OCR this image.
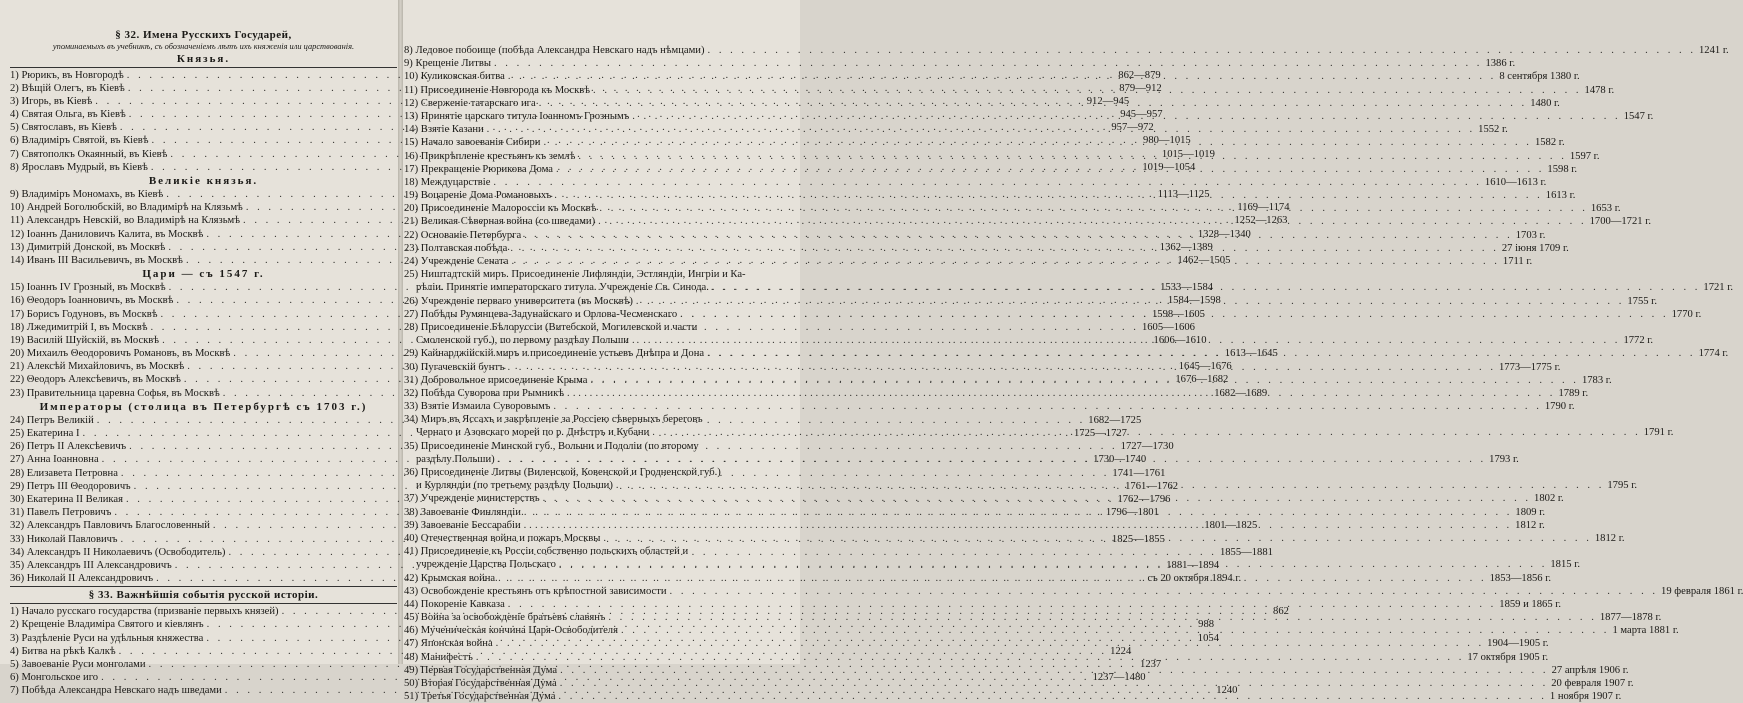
§ 32. Имена Русскихъ Государей,
упоминаемыхъ въ учебникѣ, съ обозначеніемъ лѣтъ ихъ княженія или царствованія.
Князья.
1) Рюрикъ, въ Новгородѣ . . .	862—879
2) Вѣщій Олегъ, въ Кіевѣ . . .	879—912
3) Игорь, въ Кіевѣ . . .	912—945
4) Святая Ольга, въ Кіевѣ . . .	945—957
5) Святославъ, въ Кіевѣ . . .	957—972
6) Владиміръ Святой, въ Кіевѣ . . .	980—1015
7) Святополкъ Окаянный, въ Кіевѣ . . .	1015—1019
8) Ярославъ Мудрый, въ Кіевѣ . . .	1019—1054
Великіе князья.
9) Владиміръ Мономахъ, въ Кіевѣ . . .	1113—1125
10) Андрей Боголюбскій, во Владимірѣ на Клязьмѣ . . .	1169—1174
11) Александръ Невскій, во Владимірѣ на Клязьмѣ . . .	1252—1263
12) Іоаннъ Даниловичъ Калита, въ Москвѣ . . .	1328—1340
13) Димитрій Донской, въ Москвѣ . . .	1362—1389
14) Иванъ III Васильевичъ, въ Москвѣ . . .	1462—1505
Цари — съ 1547 г.
15) Іоаннъ IV Грозный, въ Москвѣ . . .	1533—1584
16) Θеодоръ Іоанновичъ, въ Москвѣ . . .	1584—1598
17) Борисъ Годуновъ, въ Москвѣ . . .	1598—1605
18) Лжедимитрій I, въ Москвѣ . . .	1605—1606
19) Василій Шуйскій, въ Москвѣ . . .	1606—1610
20) Михаилъ Θеодоровичъ Романовъ, въ Москвѣ . . .	1613—1645
21) Алексѣй Михайловичъ, въ Москвѣ . . .	1645—1676
22) Θеодоръ Алексѣевичъ, въ Москвѣ . . .	1676—1682
23) Правительница царевна Софья, въ Москвѣ . . .	1682—1689
Императоры (столица въ Петербургѣ съ 1703 г.)
24) Петръ Великій . . .	1682—1725
25) Екатерина I . . .	1725—1727
26) Петръ II Алексѣевичъ . . .	1727—1730
27) Анна Іоанновна . . .	1730—1740
28) Елизавета Петровна . . .	1741—1761
29) Петръ III Θеодоровичъ . . .	1761—1762
30) Екатерина II Великая . . .	1762—1796
31) Павелъ Петровичъ . . .	1796—1801
32) Александръ Павловичъ Благословенный . . .	1801—1825
33) Николай Павловичъ . . .	1825—1855
34) Александръ II Николаевичъ (Освободитель) . . .	1855—1881
35) Александръ III Александровичъ . . .	1881—1894
36) Николай II Александровичъ . . .	съ 20 октября 1894 г.
§ 33. Важнѣйшія событія русской исторіи.
1) Начало русскаго государства (призваніе первыхъ князей) . . .	862
2) Крещеніе Владиміра Святого и кіевлянъ . . .	988
3) Раздѣленіе Руси на удѣльныя княжества . . .	1054
4) Битва на рѣкѣ Калкѣ . . .	1224
5) Завоеваніе Руси монголами . . .	1237
6) Монгольское иго . . .	1237—1480
7) Побѣда Александра Невскаго надъ шведами . . .	1240
8) Ледовое побоище (побѣда Александра Невскаго надъ нѣмцами) . . .	1241 г.
9) Крещеніе Литвы . . .	1386 г.
10) Куликовская битва . . .	8 сентября 1380 г.
11) Присоединеніе Новгорода къ Москвѣ . . .	1478 г.
12) Сверженіе татарскаго ига . . .	1480 г.
13) Принятіе царскаго титула Іоанномъ Грознымъ . . .	1547 г.
14) Взятіе Казани . . .	1552 г.
15) Начало завоеванія Сибири . . .	1582 г.
16) Прикрѣпленіе крестьянъ къ землѣ . . .	1597 г.
17) Прекращеніе Рюрикова Дома . . .	1598 г.
18) Междуцарствіе . . .	1610—1613 г.
19) Воцареніе Дома Романовыхъ . . .	1613 г.
20) Присоединеніе Малороссіи къ Москвѣ . . .	1653 г.
21) Великая Сѣверная война (со шведами) . . .	1700—1721 г.
22) Основаніе Петербурга . . .	1703 г.
23) Полтавская побѣда . . .	27 іюня 1709 г.
24) Учрежденіе Сената . . .	1711 г.
25) Ништадтскій миръ. Присоединеніе Лифляндіи, Эстляндіи, Ингріи и Ка-
рѣліи. Принятіе императорскаго титула. Учрежденіе Св. Синода. . . .	1721 г.
26) Учрежденіе перваго университета (въ Москвѣ) . . .	1755 г.
27) Побѣды Румянцева-Задунайскаго и Орлова-Чесменскаго . . .	1770 г.
28) Присоединеніе Бѣлоруссіи (Витебской, Могилевской и части
Смоленской губ.), по первому раздѣлу Польши . . .	1772 г.
29) Кайнарджійскій миръ и присоединеніе устьевъ Днѣпра и Дона . . .	1774 г.
30) Пугачевскій бунтъ . . .	1773—1775 г.
31) Добровольное присоединеніе Крыма . . .	1783 г.
32) Побѣда Суворова при Рымникѣ . . .	1789 г.
33) Взятіе Измаила Суворовымъ . . .	1790 г.
34) Миръ въ Яссахъ и закрѣпленіе за Россіею сѣверныхъ береговъ
Чернаго и Азовскаго морей по р. Днѣстръ и Кубани . . .	1791 г.
35) Присоединеніе Минской губ., Волыни и Подоліи (по второму
раздѣлу Польши) . . .	1793 г.
36) Присоединеніе Литвы (Виленской, Ковенской и Гродненской губ.)
и Курляндіи (по третьему раздѣлу Польши) . . .	1795 г.
37) Учрежденіе министерствъ . . .	1802 г.
38) Завоеваніе Финляндіи . . .	1809 г.
39) Завоеваніе Бессарабіи . . .	1812 г.
40) Отечественная война и пожаръ Москвы . . .	1812 г.
41) Присоединеніе къ Россіи собственно польскихъ областей и
учрежденіе Царства Польскаго . . .	1815 г.
42) Крымская война . . .	1853—1856 г.
43) Освобожденіе крестьянъ отъ крѣпостной зависимости . . .	19 февраля 1861 г.
44) Покореніе Кавказа . . .	1859 и 1865 г.
45) Война за освобожденіе братьевъ славянъ . . .	1877—1878 г.
46) Мученическая кончина Царя-Освободителя . . .	1 марта 1881 г.
47) Японская война . . .	1904—1905 г.
48) Манифестъ . . .	17 октября 1905 г.
49) Первая Государственная Дума . . .	27 апрѣля 1906 г.
50) Вторая Государственная Дума . . .	20 февраля 1907 г.
51) Третья Государственная Дума . . .	1 ноября 1907 г.
